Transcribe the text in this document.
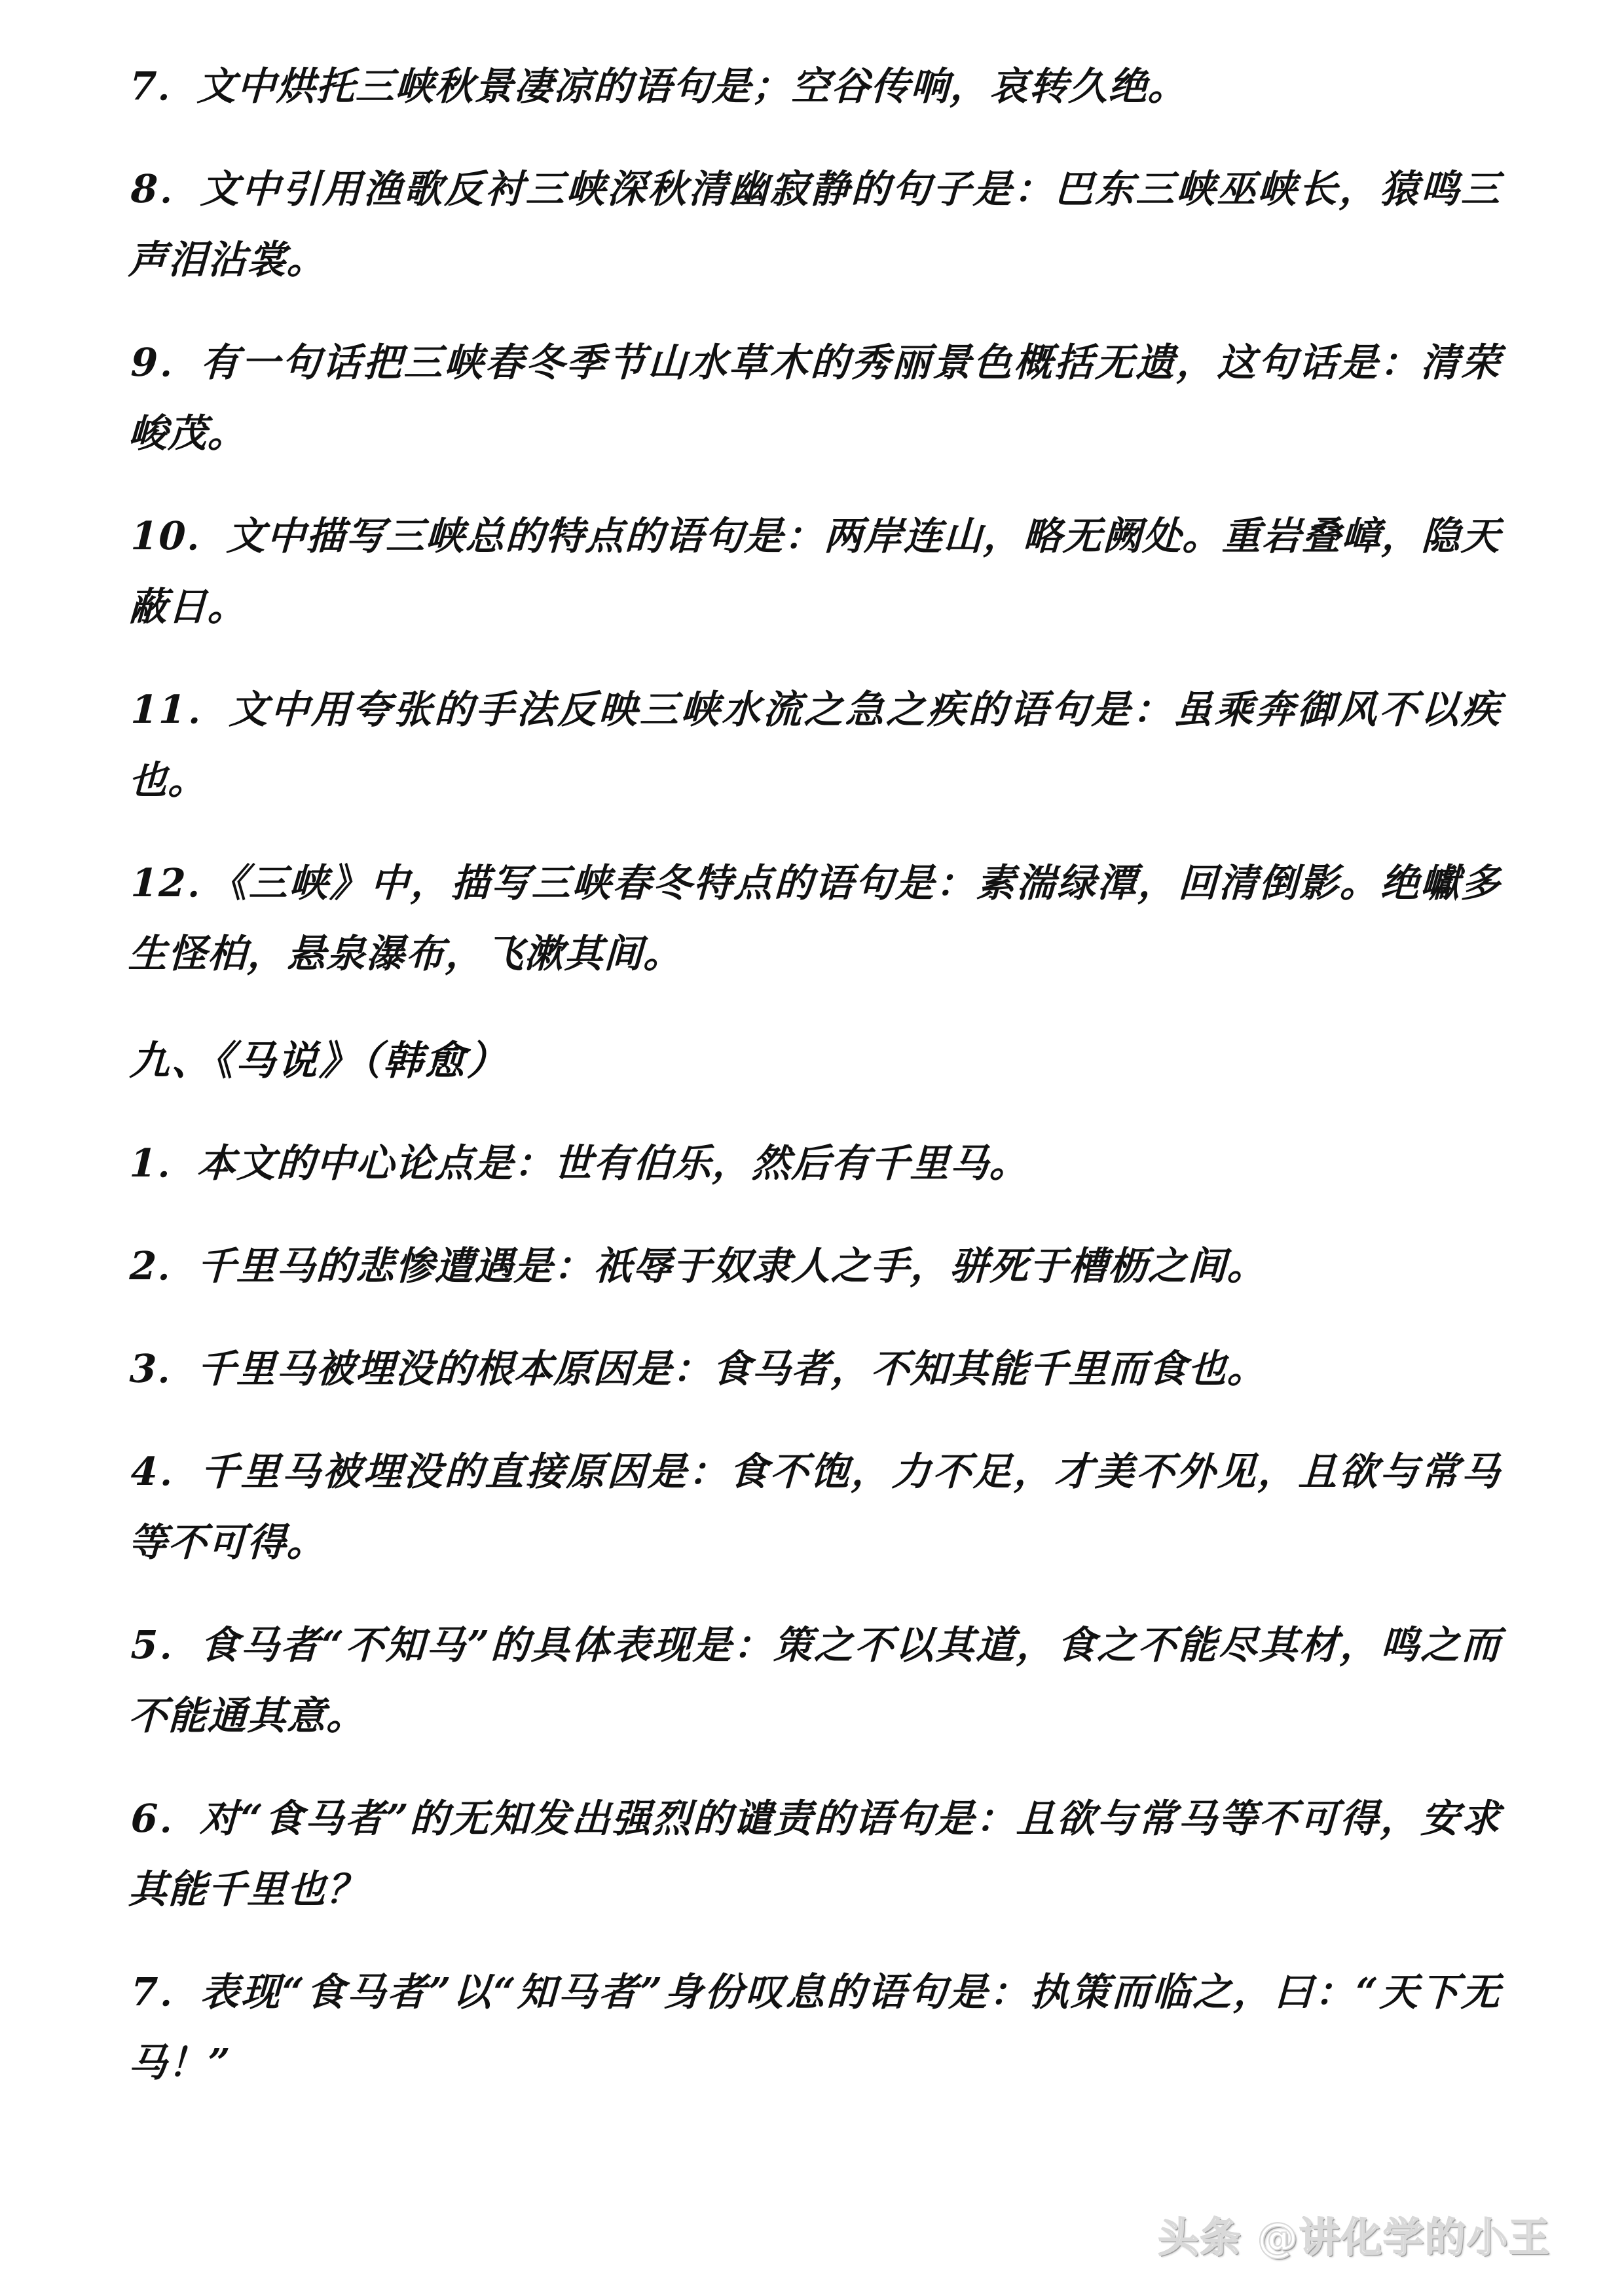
7．文中烘托三峡秋景凄凉的语句是；空谷传响，哀转久绝。

8．文中引用渔歌反衬三峡深秋清幽寂静的句子是：巴东三峡巫峡长，猿鸣三声泪沾裳。

9．有一句话把三峡春冬季节山水草木的秀丽景色概括无遗，这句话是：清荣峻茂。

10．文中描写三峡总的特点的语句是：两岸连山，略无阙处。重岩叠嶂，隐天蔽日。

11．文中用夸张的手法反映三峡水流之急之疾的语句是：虽乘奔御风不以疾也。

12．《三峡》中，描写三峡春冬特点的语句是：素湍绿潭，回清倒影。绝巘多生怪柏，悬泉瀑布，飞漱其间。

九、《马说》（韩愈）

1．本文的中心论点是：世有伯乐，然后有千里马。

2．千里马的悲惨遭遇是：祇辱于奴隶人之手，骈死于槽枥之间。

3．千里马被埋没的根本原因是：食马者，不知其能千里而食也。

4．千里马被埋没的直接原因是：食不饱，力不足，才美不外见，且欲与常马等不可得。

5．食马者“不知马”的具体表现是：策之不以其道，食之不能尽其材，鸣之而不能通其意。

6．对“食马者”的无知发出强烈的谴责的语句是：且欲与常马等不可得，安求其能千里也？

7．表现“食马者”以“知马者”身份叹息的语句是：执策而临之，曰：“天下无马！”

头条 @讲化学的小王
